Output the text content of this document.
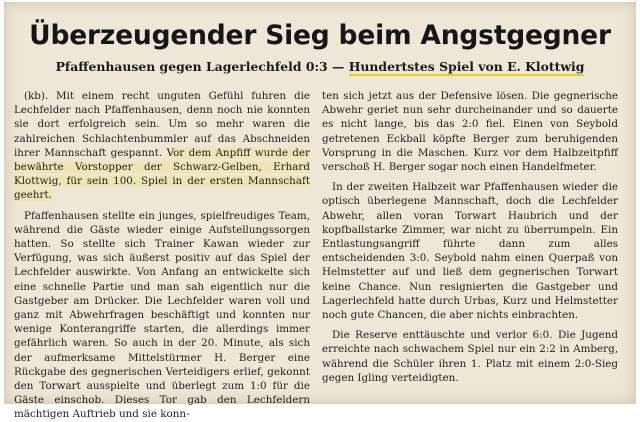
Überzeugender Sieg beim Angstgegner
Pfaffenhausen gegen Lagerlechfeld 0:3 — Hundertstes Spiel von E. Klottwig

(kb). Mit einem recht unguten Gefühl fuhren die Lechfelder nach Pfaffenhausen, denn noch nie konnten sie dort erfolgreich sein. Um so mehr waren die zahlreichen Schlachtenbummler auf das Abschneiden ihrer Mannschaft gespannt. Vor dem Anpfiff wurde der bewährte Vorstopper der Schwarz-Gelben, Erhard Klottwig, für sein 100. Spiel in der ersten Mannschaft geehrt.

Pfaffenhausen stellte ein junges, spielfreudiges Team, während die Gäste wieder einige Aufstellungssorgen hatten. So stellte sich Trainer Kawan wieder zur Verfügung, was sich äußerst positiv auf das Spiel der Lechfelder auswirkte. Von Anfang an entwickelte sich eine schnelle Partie und man sah eigentlich nur die Gastgeber am Drücker. Die Lechfelder waren voll und ganz mit Abwehrfragen beschäftigt und konnten nur wenige Konterangriffe starten, die allerdings immer gefährlich waren. So auch in der 20. Minute, als sich der aufmerksame Mittelstürmer H. Berger eine Rückgabe des gegnerischen Verteidigers erlief, gekonnt den Torwart ausspielte und überlegt zum 1:0 für die Gäste einschob. Dieses Tor gab den Lechfeldern mächtigen Auftrieb und sie konn-

ten sich jetzt aus der Defensive lösen. Die gegnerische Abwehr geriet nun sehr durcheinander und so dauerte es nicht lange, bis das 2:0 fiel. Einen von Seybold getretenen Eckball köpfte Berger zum beruhigenden Vorsprung in die Maschen. Kurz vor dem Halbzeitpfiff verschoß H. Berger sogar noch einen Handelfmeter.

In der zweiten Halbzeit war Pfaffenhausen wieder die optisch überlegene Mannschaft, doch die Lechfelder Abwehr, allen voran Torwart Haubrich und der kopfballstarke Zimmer, war nicht zu überrumpeln. Ein Entlastungsangriff führte dann zum alles entscheidenden 3:0. Seybold nahm einen Querpaß von Helmstetter auf und ließ dem gegnerischen Torwart keine Chance. Nun resignierten die Gastgeber und Lagerlechfeld hatte durch Urbas, Kurz und Helmstetter noch gute Chancen, die aber nichts einbrachten.

Die Reserve enttäuschte und verlor 6:0. Die Jugend erreichte nach schwachem Spiel nur ein 2:2 in Amberg, während die Schüler ihren 1. Platz mit einem 2:0-Sieg gegen Igling verteidigten.
